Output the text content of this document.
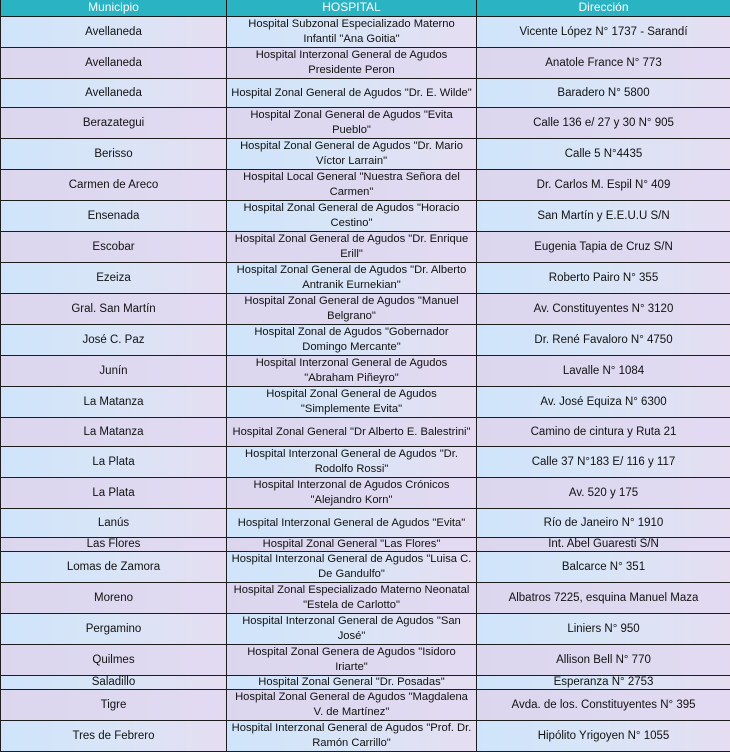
Municipio	HOSPITAL	Dirección
Avellaneda	Hospital Subzonal Especializado Materno Infantil "Ana Goitia"	Vicente López N° 1737 - Sarandí
Avellaneda	Hospital Interzonal General de Agudos Presidente Peron	Anatole France N° 773
Avellaneda	Hospital Zonal General de Agudos "Dr. E. Wilde"	Baradero N° 5800
Berazategui	Hospital Zonal General de Agudos "Evita Pueblo"	Calle 136 e/ 27 y 30 N° 905
Berisso	Hospital Zonal General de Agudos "Dr. Mario Víctor Larrain"	Calle 5 N°4435
Carmen de Areco	Hospital Local General "Nuestra Señora del Carmen"	Dr. Carlos M. Espil N° 409
Ensenada	Hospital Zonal General de Agudos "Horacio Cestino"	San Martín y E.E.U.U S/N
Escobar	Hospital Zonal General de Agudos "Dr. Enrique Erill"	Eugenia Tapia de Cruz S/N
Ezeiza	Hospital Zonal General de Agudos "Dr. Alberto Antranik Eurnekian"	Roberto Pairo N° 355
Gral. San Martín	Hospital Zonal General de Agudos "Manuel Belgrano"	Av. Constituyentes N° 3120
José C. Paz	Hospital Zonal de Agudos "Gobernador Domingo Mercante"	Dr. René Favaloro N° 4750
Junín	Hospital Interzonal General de Agudos "Abraham Piñeyro"	Lavalle N° 1084
La Matanza	Hospital Zonal General de Agudos "Simplemente Evita"	Av. José Equiza N° 6300
La Matanza	Hospital Zonal General "Dr Alberto E. Balestrini"	Camino de cintura y Ruta 21
La Plata	Hospital Interzonal General de Agudos "Dr. Rodolfo Rossi"	Calle 37 N°183 E/ 116 y 117
La Plata	Hospital Interzonal de Agudos Crónicos "Alejandro Korn"	Av. 520 y 175
Lanús	Hospital Interzonal General de Agudos "Evita"	Río de Janeiro N° 1910
Las Flores	Hospital Zonal General "Las Flores"	Int. Abel Guaresti S/N
Lomas de Zamora	Hospital Interzonal General de Agudos "Luisa C. De Gandulfo"	Balcarce N° 351
Moreno	Hospital Zonal Especializado Materno Neonatal "Estela de Carlotto"	Albatros 7225, esquina Manuel Maza
Pergamino	Hospital Interzonal General de Agudos "San José"	Liniers N° 950
Quilmes	Hospital Zonal Genera de Agudos "Isidoro Iriarte"	Allison Bell N° 770
Saladillo	Hospital Zonal General "Dr. Posadas"	Esperanza N° 2753
Tigre	Hospital Zonal General de Agudos "Magdalena V. de Martínez"	Avda. de los. Constituyentes N° 395
Tres de Febrero	Hospital Interzonal General de Agudos "Prof. Dr. Ramón Carrillo"	Hipólito Yrigoyen N° 1055
